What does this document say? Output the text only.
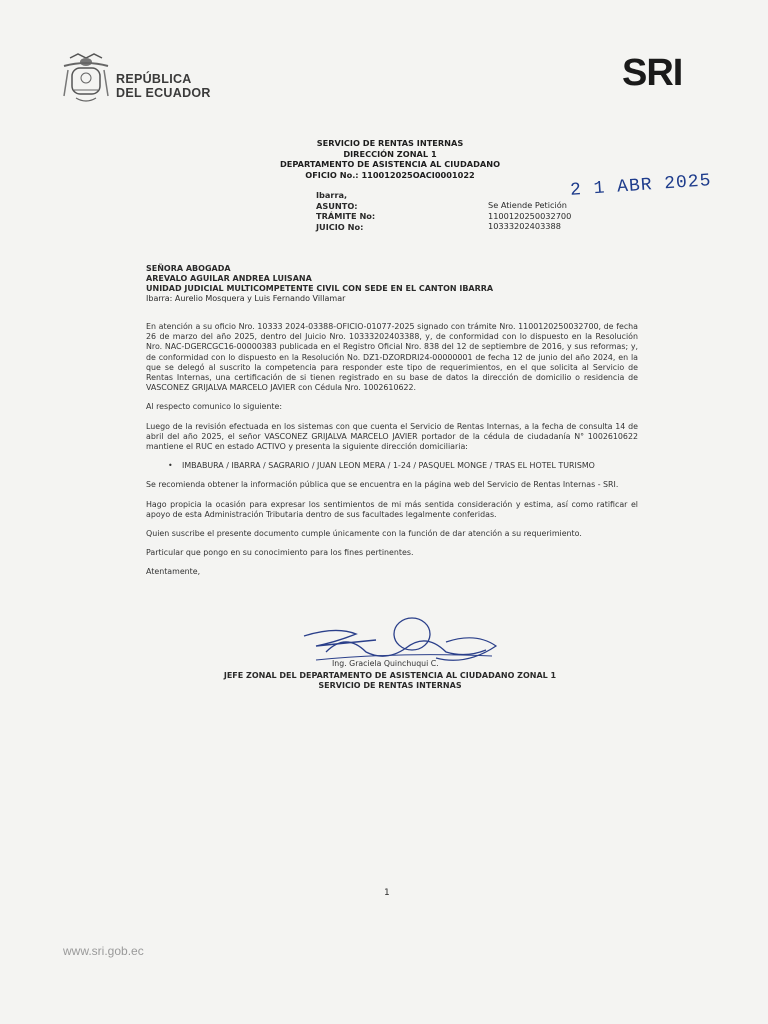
REPÚBLICA
DEL ECUADOR	SRI
SERVICIO DE RENTAS INTERNAS
DIRECCIÓN ZONAL 1
DEPARTAMENTO DE ASISTENCIA AL CIUDADANO
OFICIO No.: 110012025OACI0001022
Ibarra,
ASUNTO:
TRÁMITE No:
JUICIO No:
Se Atiende Petición
1100120250032700
10333202403388
2 1 ABR 2025
SEÑORA ABOGADA
AREVALO AGUILAR ANDREA LUISANA
UNIDAD JUDICIAL MULTICOMPETENTE CIVIL CON SEDE EN EL CANTON IBARRA
Ibarra: Aurelio Mosquera y Luis Fernando Villamar

En atención a su oficio Nro. 10333 2024-03388-OFICIO-01077-2025 signado con trámite Nro. 1100120250032700, de fecha 26 de marzo del año 2025, dentro del Juicio Nro. 10333202403388, y, de conformidad con lo dispuesto en la Resolución Nro. NAC-DGERCGC16-00000383 publicada en el Registro Oficial Nro. 838 del 12 de septiembre de 2016, y sus reformas; y, de conformidad con lo dispuesto en la Resolución No. DZ1-DZORDRI24-00000001 de fecha 12 de junio del año 2024, en la que se delegó al suscrito la competencia para responder este tipo de requerimientos, en el que solicita al Servicio de Rentas Internas, una certificación de si tienen registrado en su base de datos la dirección de domicilio o residencia de VASCONEZ GRIJALVA MARCELO JAVIER con Cédula Nro. 1002610622.

Al respecto comunico lo siguiente:

Luego de la revisión efectuada en los sistemas con que cuenta el Servicio de Rentas Internas, a la fecha de consulta 14 de abril del año 2025, el señor VASCONEZ GRIJALVA MARCELO JAVIER portador de la cédula de ciudadanía N° 1002610622 mantiene el RUC en estado ACTIVO y presenta la siguiente dirección domiciliaria:

• IMBABURA / IBARRA / SAGRARIO / JUAN LEON MERA / 1-24 / PASQUEL MONGE / TRAS EL HOTEL TURISMO

Se recomienda obtener la información pública que se encuentra en la página web del Servicio de Rentas Internas - SRI.

Hago propicia la ocasión para expresar los sentimientos de mi más sentida consideración y estima, así como ratificar el apoyo de esta Administración Tributaria dentro de sus facultades legalmente conferidas.

Quien suscribe el presente documento cumple únicamente con la función de dar atención a su requerimiento.

Particular que pongo en su conocimiento para los fines pertinentes.

Atentamente,

Ing. Graciela Quinchuqui C.
JEFE ZONAL DEL DEPARTAMENTO DE ASISTENCIA AL CIUDADANO ZONAL 1
SERVICIO DE RENTAS INTERNAS
1
www.sri.gob.ec
